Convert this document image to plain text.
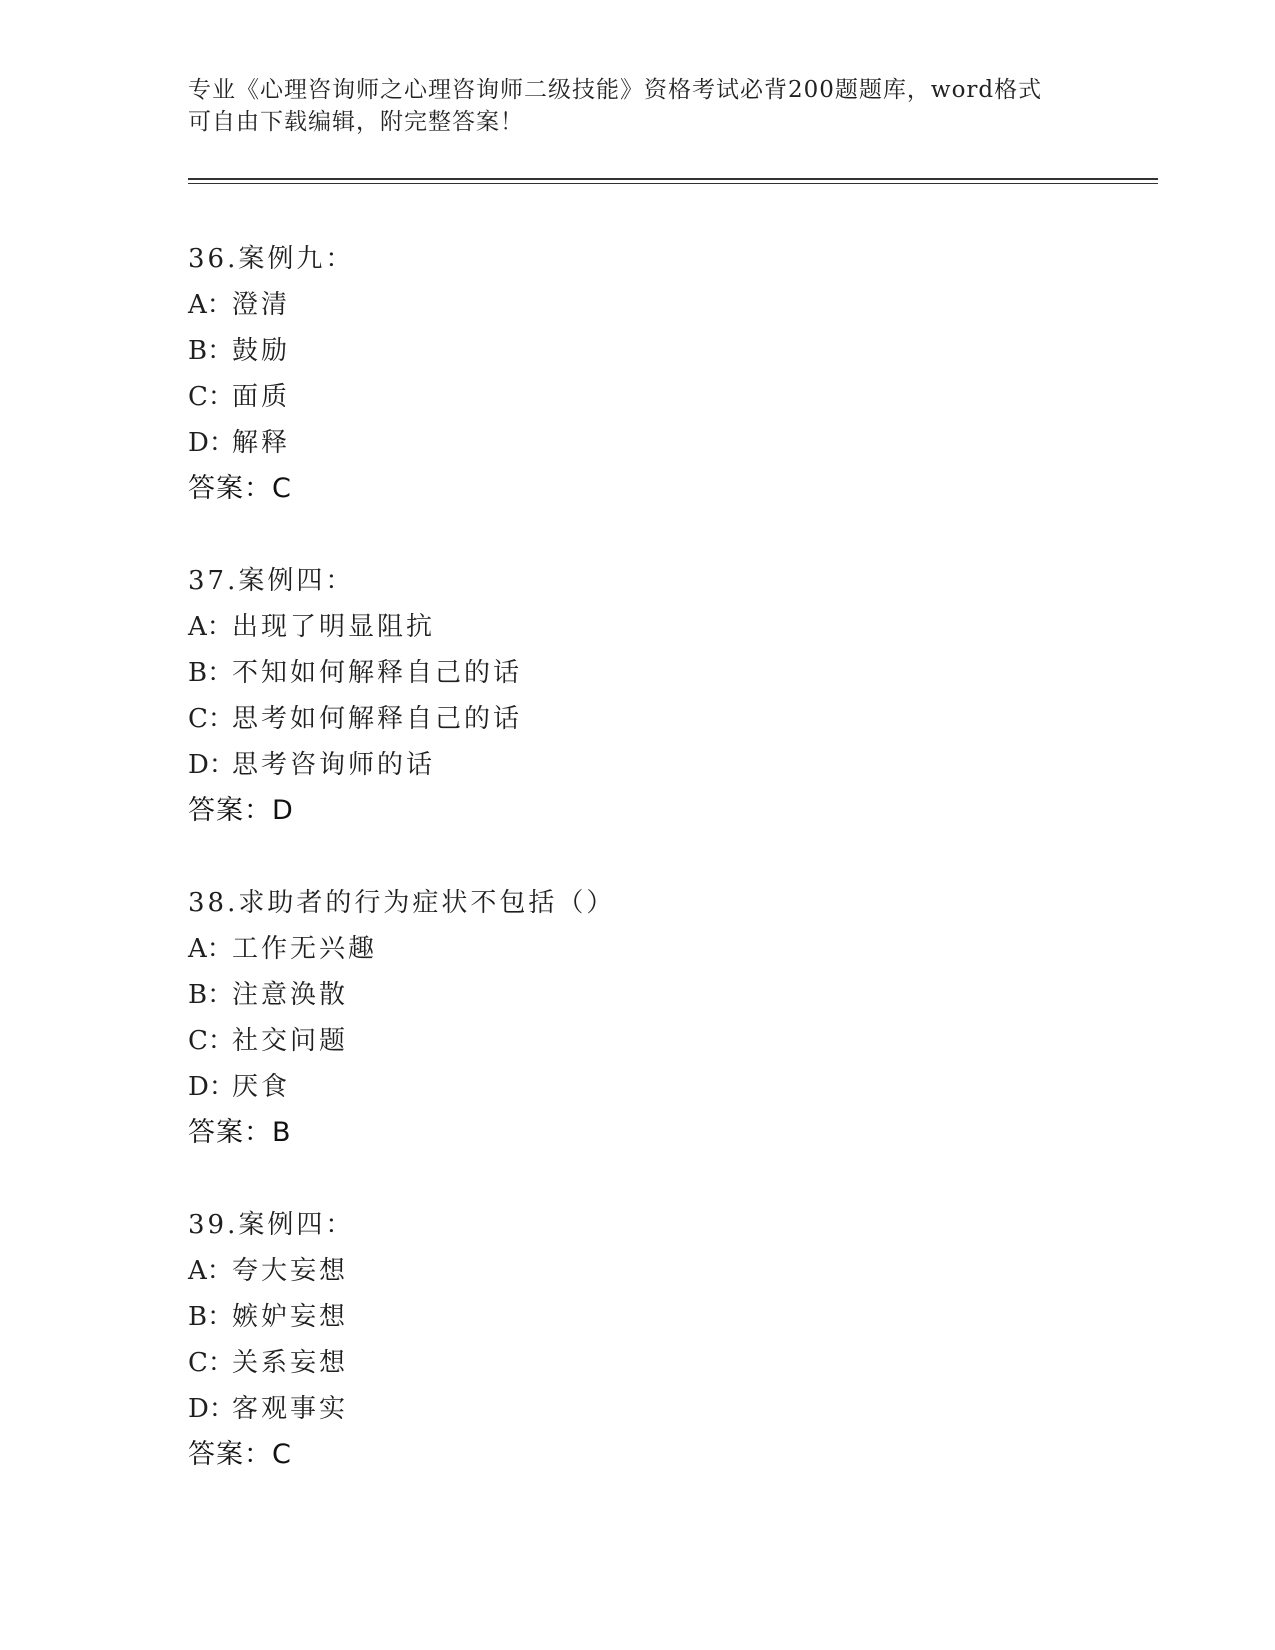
专业《心理咨询师之心理咨询师二级技能》资格考试必背200题题库，word格式
可自由下载编辑，附完整答案！
36.案例九：
A：澄清
B：鼓励
C：面质
D：解释
答案：C
37.案例四：
A：出现了明显阻抗
B：不知如何解释自己的话
C：思考如何解释自己的话
D：思考咨询师的话
答案：D
38.求助者的行为症状不包括（）
A：工作无兴趣
B：注意涣散
C：社交问题
D：厌食
答案：B
39.案例四：
A：夸大妄想
B：嫉妒妄想
C：关系妄想
D：客观事实
答案：C
